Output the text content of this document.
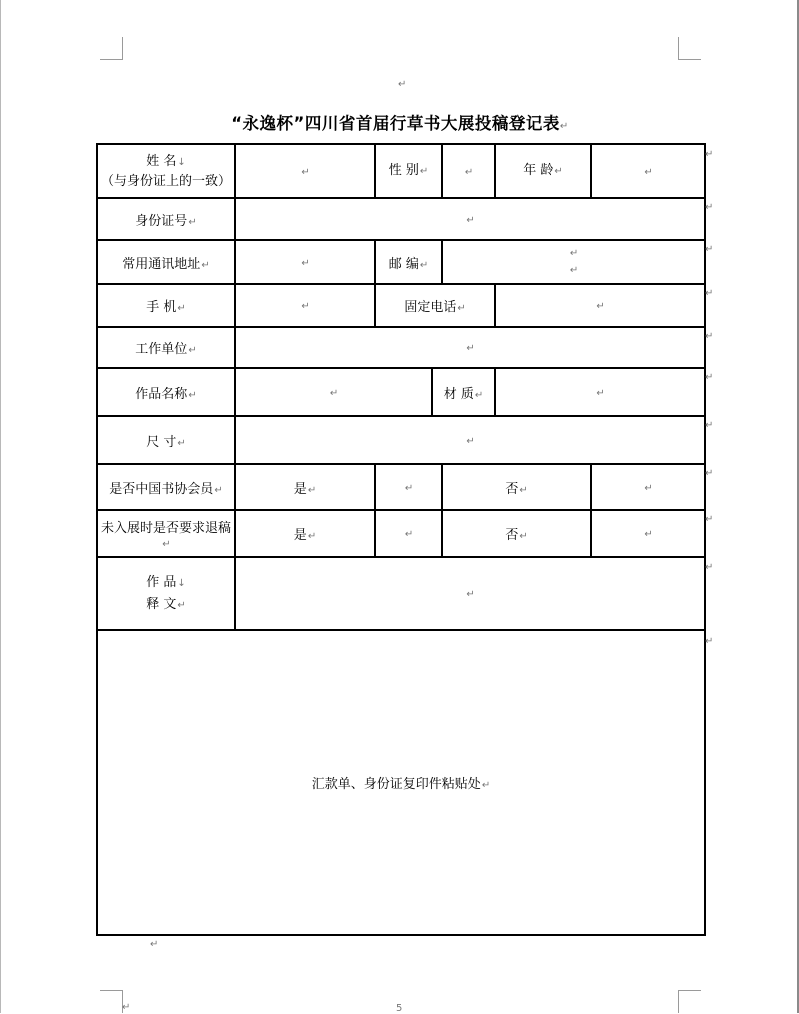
↵
“永逸杯”四川省首届行草书大展投稿登记表↵
姓 名↓
（与身份证上的一致）	↵	性 别↵		↵	年 龄↵	↵
身份证号↵	↵					
常用通讯地址↵	↵	邮 编↵		↵
↵		
手 机↵	↵	固定电话↵			↵	
工作单位↵	↵					
作品名称↵	↵		材 质↵		↵	
尺 寸↵	↵					
是否中国书协会员↵	是↵	↵		否↵		↵
未入展时是否要求退稿↵	是↵	↵		否↵		↵
作 品↓
释 文↵	↵					
汇款单、身份证复印件粘贴处↵						
↵
↵
↵
↵
↵
↵
↵
↵
↵
↵
↵
↵
↵	5
